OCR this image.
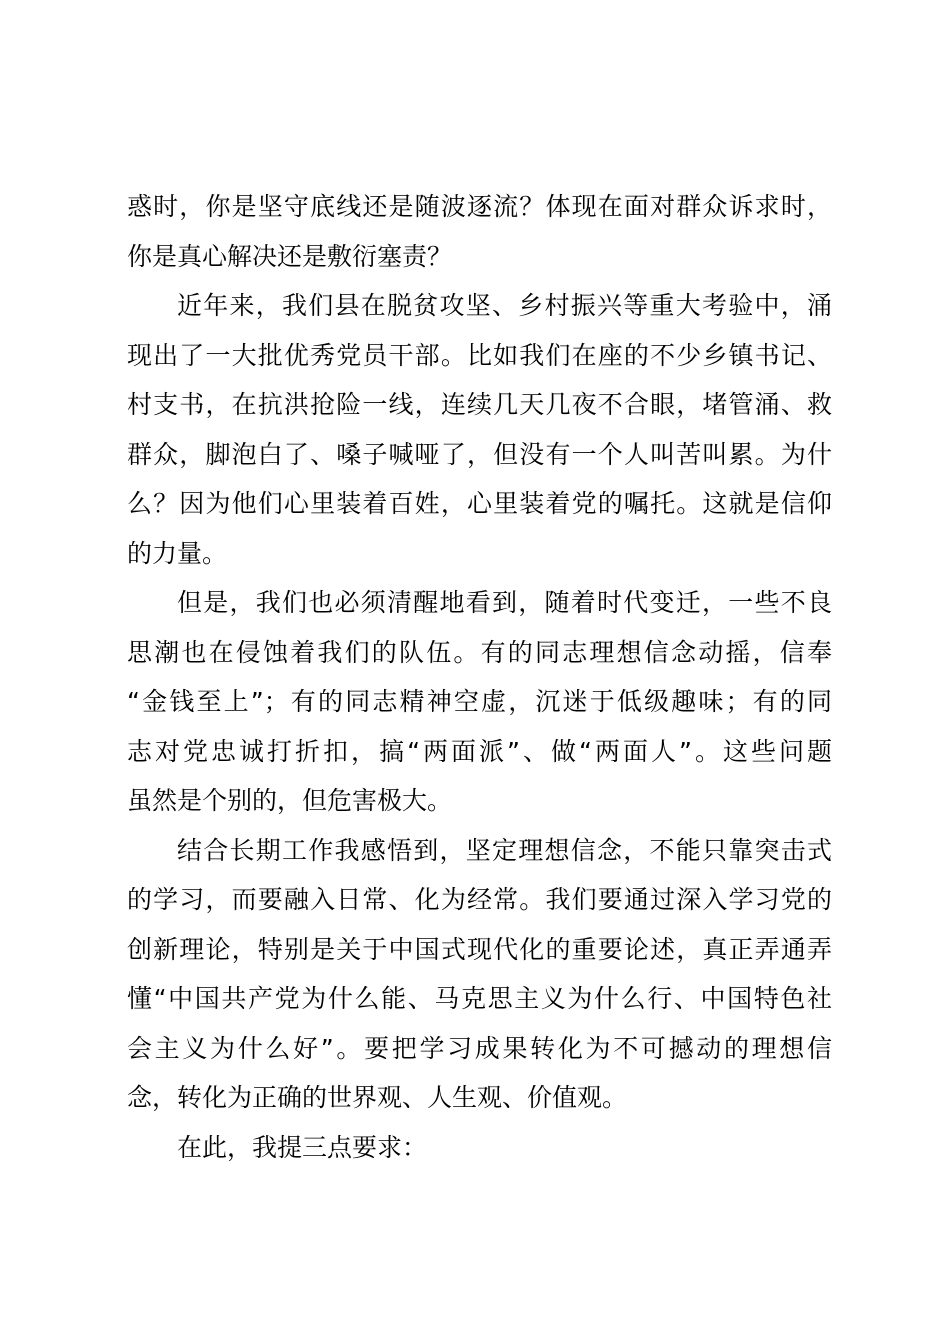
惑时，你是坚守底线还是随波逐流？体现在面对群众诉求时，
你是真心解决还是敷衍塞责？
近年来，我们县在脱贫攻坚、乡村振兴等重大考验中，涌
现出了一大批优秀党员干部。比如我们在座的不少乡镇书记、
村支书，在抗洪抢险一线，连续几天几夜不合眼，堵管涌、救
群众，脚泡白了、嗓子喊哑了，但没有一个人叫苦叫累。为什
么？因为他们心里装着百姓，心里装着党的嘱托。这就是信仰
的力量。
但是，我们也必须清醒地看到，随着时代变迁，一些不良
思潮也在侵蚀着我们的队伍。有的同志理想信念动摇，信奉
“金钱至上”；有的同志精神空虚，沉迷于低级趣味；有的同
志对党忠诚打折扣，搞“两面派”、做“两面人”。这些问题
虽然是个别的，但危害极大。
结合长期工作我感悟到，坚定理想信念，不能只靠突击式
的学习，而要融入日常、化为经常。我们要通过深入学习党的
创新理论，特别是关于中国式现代化的重要论述，真正弄通弄
懂“中国共产党为什么能、马克思主义为什么行、中国特色社
会主义为什么好”。要把学习成果转化为不可撼动的理想信
念，转化为正确的世界观、人生观、价值观。
在此，我提三点要求：
